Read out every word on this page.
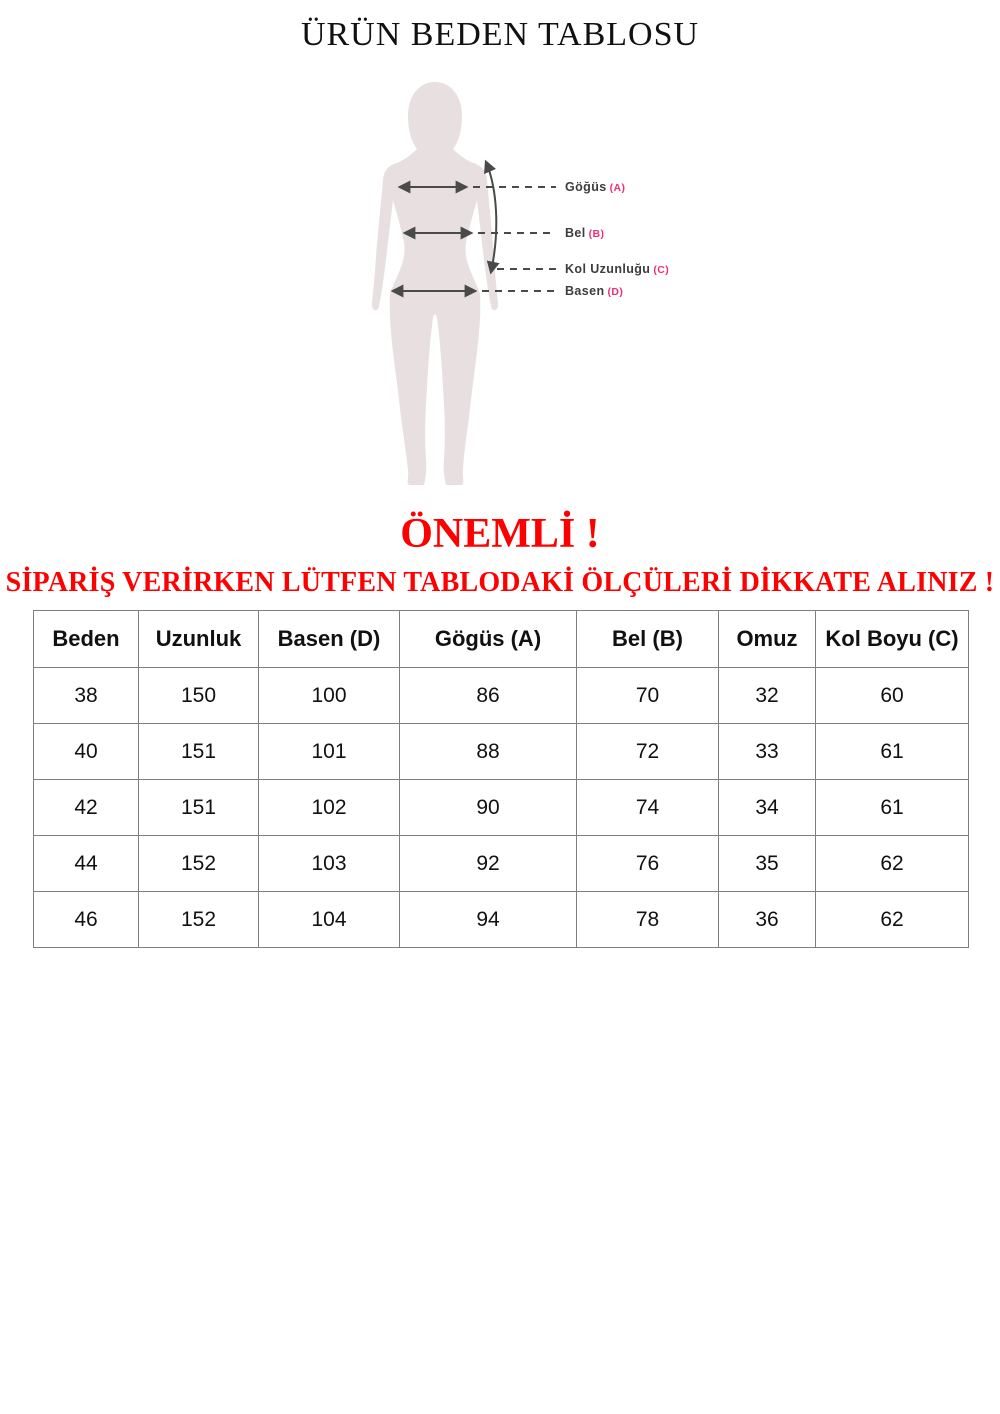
ÜRÜN BEDEN TABLOSU
Göğüs (A)
Bel (B)
Kol Uzunluğu (C)
Basen (D)
ÖNEMLİ !
SİPARİŞ VERİRKEN LÜTFEN TABLODAKİ ÖLÇÜLERİ DİKKATE ALINIZ !
Beden	Uzunluk	Basen (D)	Gögüs (A)	Bel (B)	Omuz	Kol Boyu (C)
38	150	100	86	70	32	60
40	151	101	88	72	33	61
42	151	102	90	74	34	61
44	152	103	92	76	35	62
46	152	104	94	78	36	62
